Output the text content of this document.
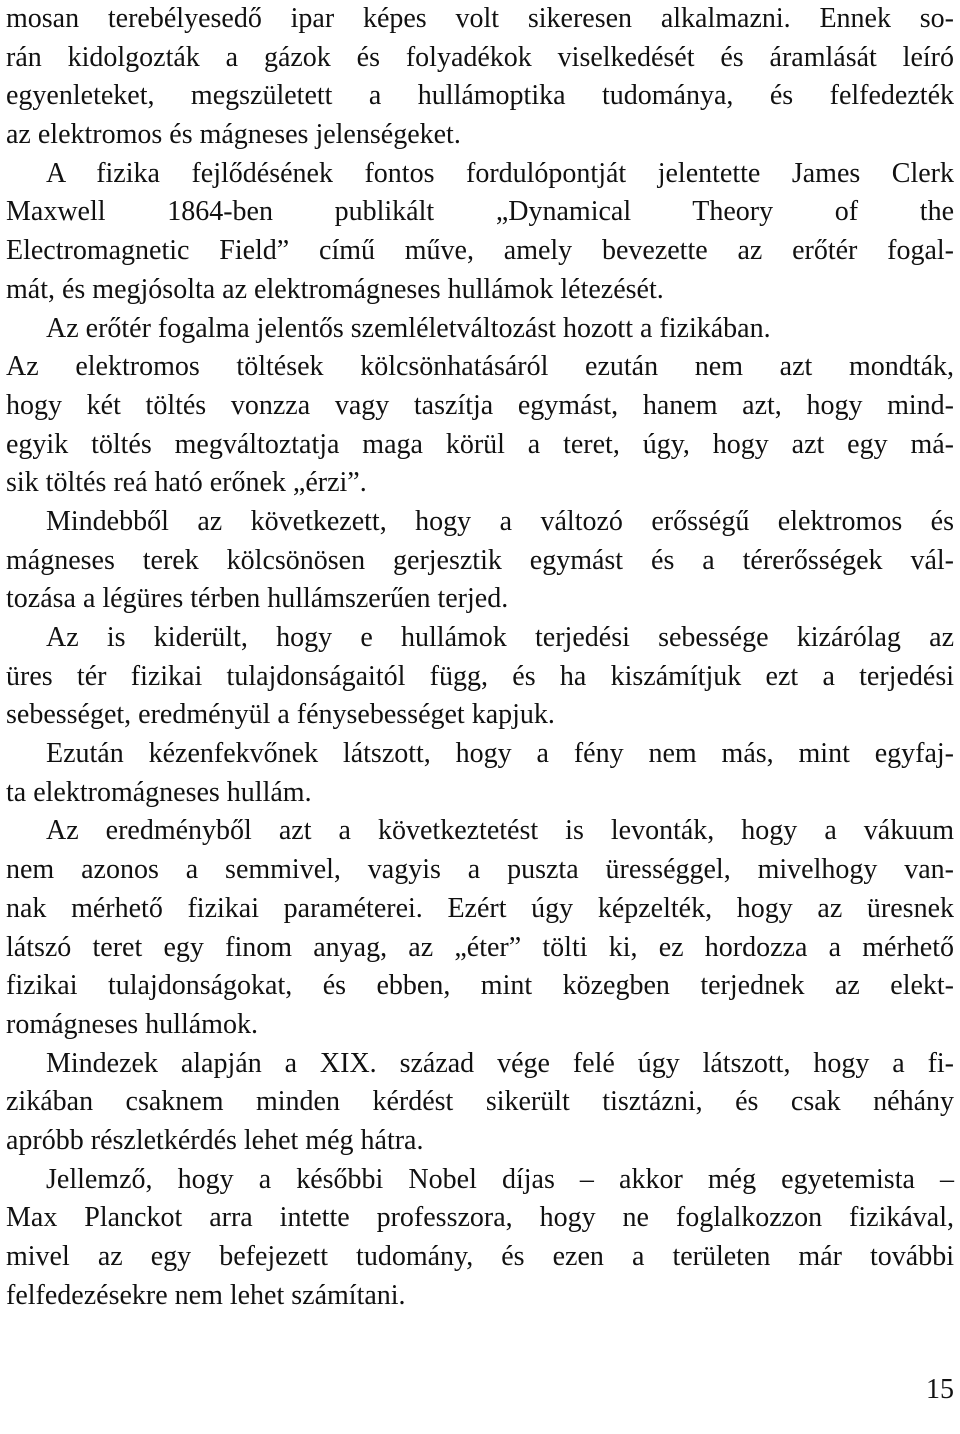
mosan terebélyesedő ipar képes volt sikeresen alkalmazni. Ennek so-
rán kidolgozták a gázok és folyadékok viselkedését és áramlását leíró
egyenleteket, megszületett a hullámoptika tudománya, és felfedezték
az elektromos és mágneses jelenségeket.
A fizika fejlődésének fontos fordulópontját jelentette James Clerk
Maxwell 1864-ben publikált „Dynamical Theory of the
Electromagnetic Field” című műve, amely bevezette az erőtér fogal-
mát, és megjósolta az elektromágneses hullámok létezését.
Az erőtér fogalma jelentős szemléletváltozást hozott a fizikában.
Az elektromos töltések kölcsönhatásáról ezután nem azt mondták,
hogy két töltés vonzza vagy taszítja egymást, hanem azt, hogy mind-
egyik töltés megváltoztatja maga körül a teret, úgy, hogy azt egy má-
sik töltés reá ható erőnek „érzi”.
Mindebből az következett, hogy a változó erősségű elektromos és
mágneses terek kölcsönösen gerjesztik egymást és a térerősségek vál-
tozása a légüres térben hullámszerűen terjed.
Az is kiderült, hogy e hullámok terjedési sebessége kizárólag az
üres tér fizikai tulajdonságaitól függ, és ha kiszámítjuk ezt a terjedési
sebességet, eredményül a fénysebességet kapjuk.
Ezután kézenfekvőnek látszott, hogy a fény nem más, mint egyfaj-
ta elektromágneses hullám.
Az eredményből azt a következtetést is levonták, hogy a vákuum
nem azonos a semmivel, vagyis a puszta ürességgel, mivelhogy van-
nak mérhető fizikai paraméterei. Ezért úgy képzelték, hogy az üresnek
látszó teret egy finom anyag, az „éter” tölti ki, ez hordozza a mérhető
fizikai tulajdonságokat, és ebben, mint közegben terjednek az elekt-
romágneses hullámok.
Mindezek alapján a XIX. század vége felé úgy látszott, hogy a fi-
zikában csaknem minden kérdést sikerült tisztázni, és csak néhány
apróbb részletkérdés lehet még hátra.
Jellemző, hogy a későbbi Nobel díjas – akkor még egyetemista –
Max Planckot arra intette professzora, hogy ne foglalkozzon fizikával,
mivel az egy befejezett tudomány, és ezen a területen már további
felfedezésekre nem lehet számítani.
15
